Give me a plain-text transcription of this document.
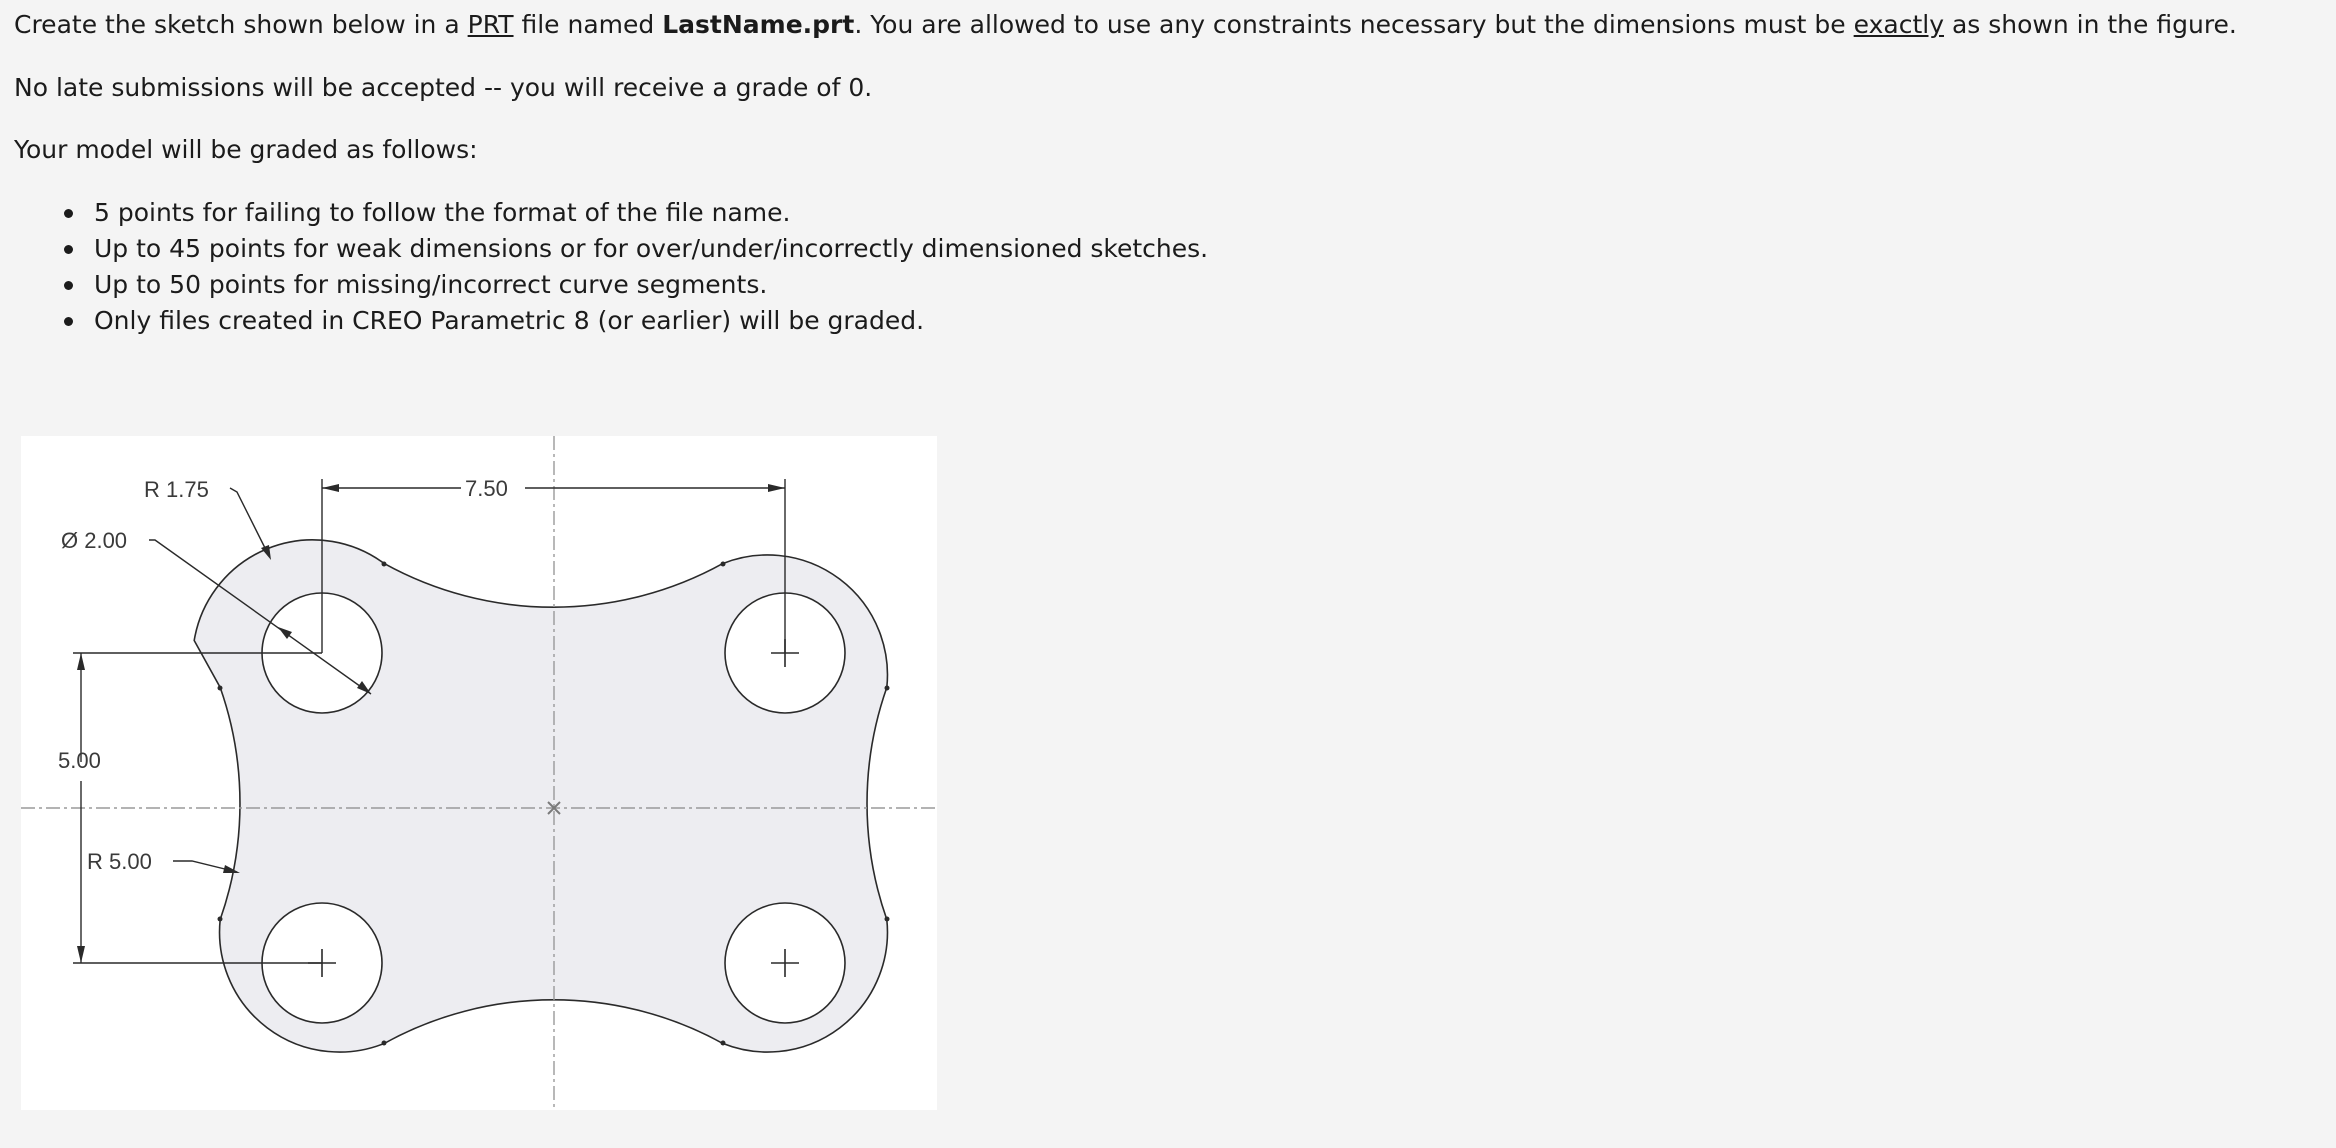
Create the sketch shown below in a PRT file named LastName.prt. You are allowed to use any constraints necessary but the dimensions must be exactly as shown in the figure.

No late submissions will be accepted -- you will receive a grade of 0.

Your model will be graded as follows:

5 points for failing to follow the format of the file name.
Up to 45 points for weak dimensions or for over/under/incorrectly dimensioned sketches.
Up to 50 points for missing/incorrect curve segments.
Only files created in CREO Parametric 8 (or earlier) will be graded.
7.50
5.00
R 1.75
Ø 2.00
R 5.00
